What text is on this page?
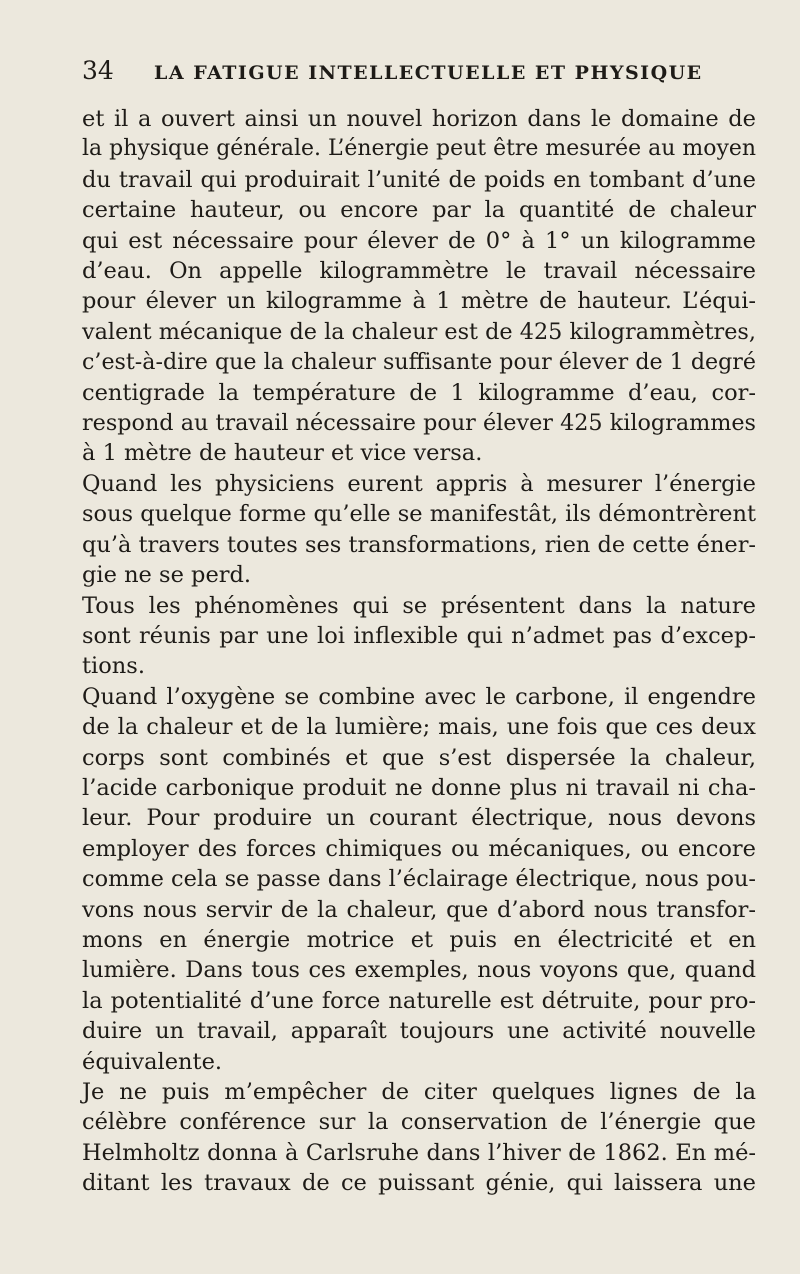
34	LA FATIGUE INTELLECTUELLE ET PHYSIQUE
et il a ouvert ainsi un nouvel horizon dans le domaine de
la physique générale. L’énergie peut être mesurée au moyen
du travail qui produirait l’unité de poids en tombant d’une
certaine hauteur, ou encore par la quantité de chaleur
qui est nécessaire pour élever de 0° à 1° un kilogramme
d’eau. On appelle kilogrammètre le travail nécessaire
pour élever un kilogramme à 1 mètre de hauteur. L’équi-
valent mécanique de la chaleur est de 425 kilogrammètres,
c’est-à-dire que la chaleur suffisante pour élever de 1 degré
centigrade la température de 1 kilogramme d’eau, cor-
respond au travail nécessaire pour élever 425 kilogrammes
à 1 mètre de hauteur et vice versa.
Quand les physiciens eurent appris à mesurer l’énergie
sous quelque forme qu’elle se manifestât, ils démontrèrent
qu’à travers toutes ses transformations, rien de cette éner-
gie ne se perd.
Tous les phénomènes qui se présentent dans la nature
sont réunis par une loi inflexible qui n’admet pas d’excep-
tions.
Quand l’oxygène se combine avec le carbone, il engendre
de la chaleur et de la lumière; mais, une fois que ces deux
corps sont combinés et que s’est dispersée la chaleur,
l’acide carbonique produit ne donne plus ni travail ni cha-
leur. Pour produire un courant électrique, nous devons
employer des forces chimiques ou mécaniques, ou encore
comme cela se passe dans l’éclairage électrique, nous pou-
vons nous servir de la chaleur, que d’abord nous transfor-
mons en énergie motrice et puis en électricité et en
lumière. Dans tous ces exemples, nous voyons que, quand
la potentialité d’une force naturelle est détruite, pour pro-
duire un travail, apparaît toujours une activité nouvelle
équivalente.
Je ne puis m’empêcher de citer quelques lignes de la
célèbre conférence sur la conservation de l’énergie que
Helmholtz donna à Carlsruhe dans l’hiver de 1862. En mé-
ditant les travaux de ce puissant génie, qui laissera une
